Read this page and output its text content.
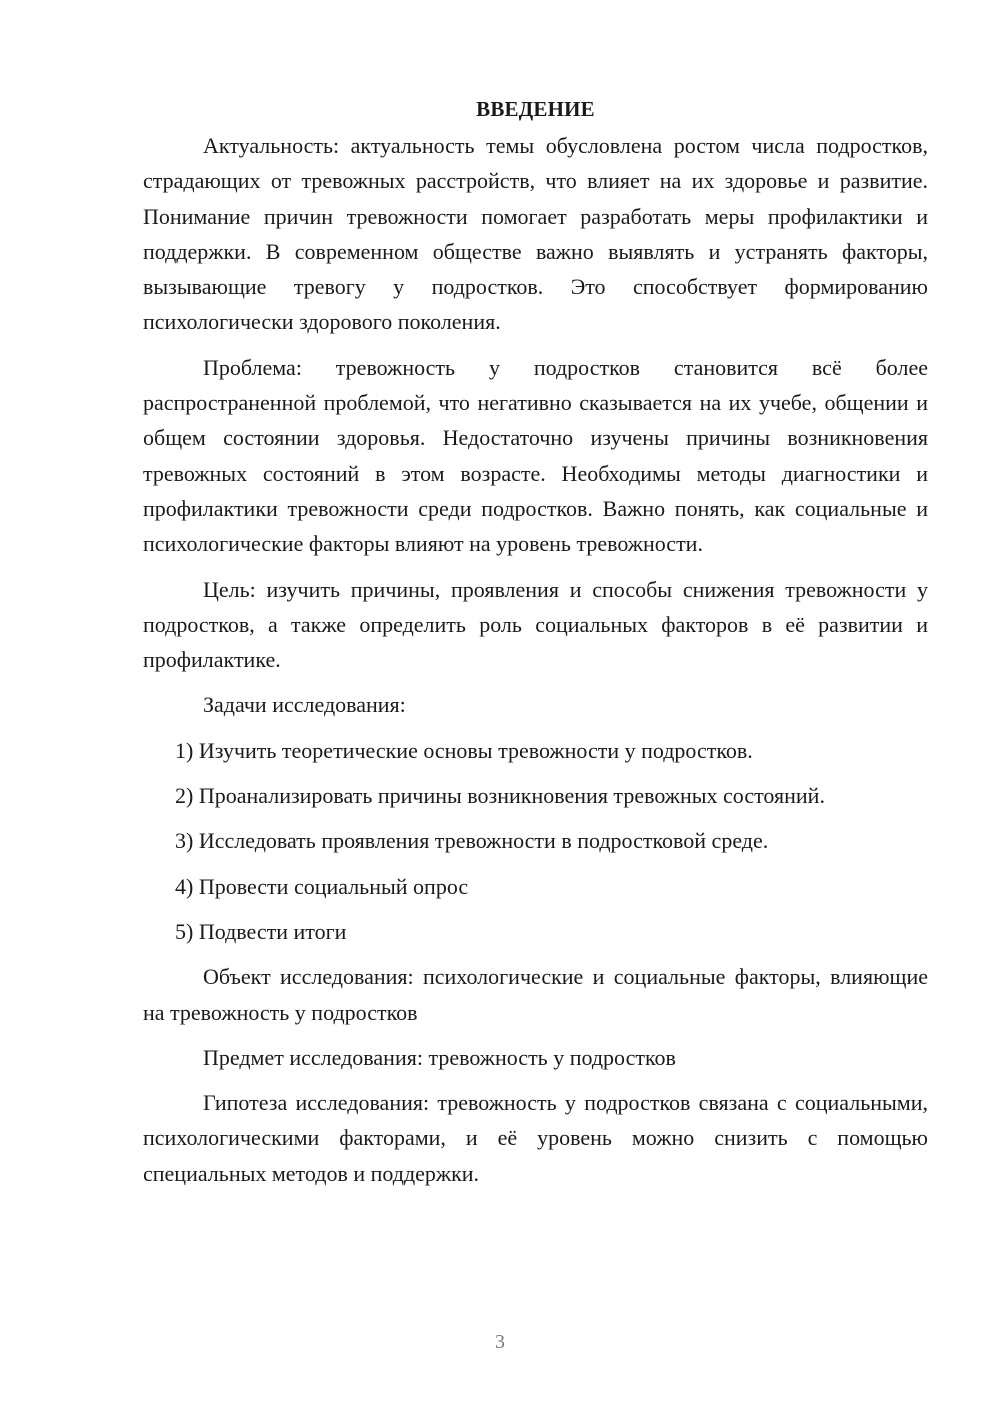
ВВЕДЕНИЕ

Актуальность: актуальность темы обусловлена ростом числа подростков, страдающих от тревожных расстройств, что влияет на их здоровье и развитие. Понимание причин тревожности помогает разработать меры профилактики и поддержки. В современном обществе важно выявлять и устранять факторы, вызывающие тревогу у подростков. Это способствует формированию психологически здорового поколения.

Проблема: тревожность у подростков становится всё более распространенной проблемой, что негативно сказывается на их учебе, общении и общем состоянии здоровья. Недостаточно изучены причины возникновения тревожных состояний в этом возрасте. Необходимы методы диагностики и профилактики тревожности среди подростков. Важно понять, как социальные и психологические факторы влияют на уровень тревожности.

Цель: изучить причины, проявления и способы снижения тревожности у подростков, а также определить роль социальных факторов в её развитии и профилактике.

Задачи исследования:

1) Изучить теоретические основы тревожности у подростков.
2) Проанализировать причины возникновения тревожных состояний.
3) Исследовать проявления тревожности в подростковой среде.
4) Провести социальный опрос
5) Подвести итоги

Объект исследования: психологические и социальные факторы, влияющие на тревожность у подростков

Предмет исследования: тревожность у подростков

Гипотеза исследования: тревожность у подростков связана с социальными, психологическими факторами, и её уровень можно снизить с помощью специальных методов и поддержки.

3
